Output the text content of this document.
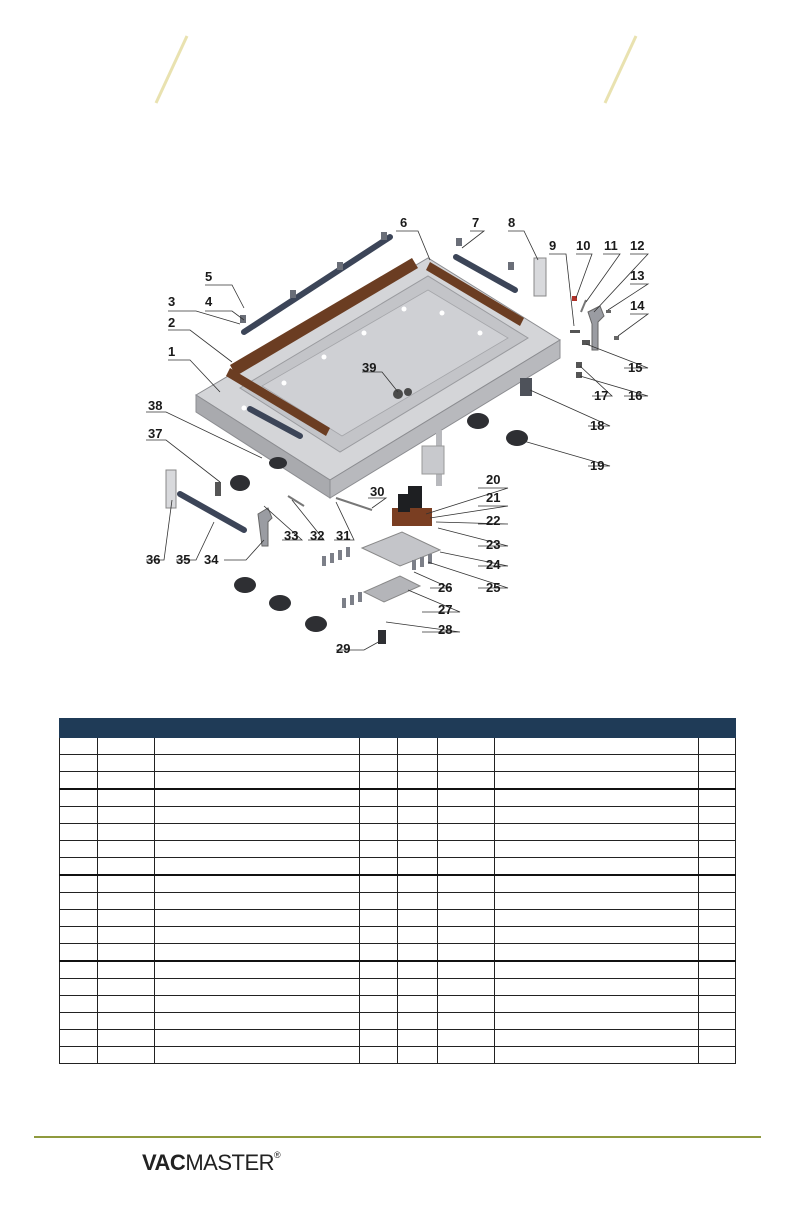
1
2
3 4
5
6	7 8
9 10 11 12
13
14
15
16
17
18
19
20
21
22
23
24
25
26
27
28
29
30
31
32
33
34
35
36
37
38
39

VACMASTER®
